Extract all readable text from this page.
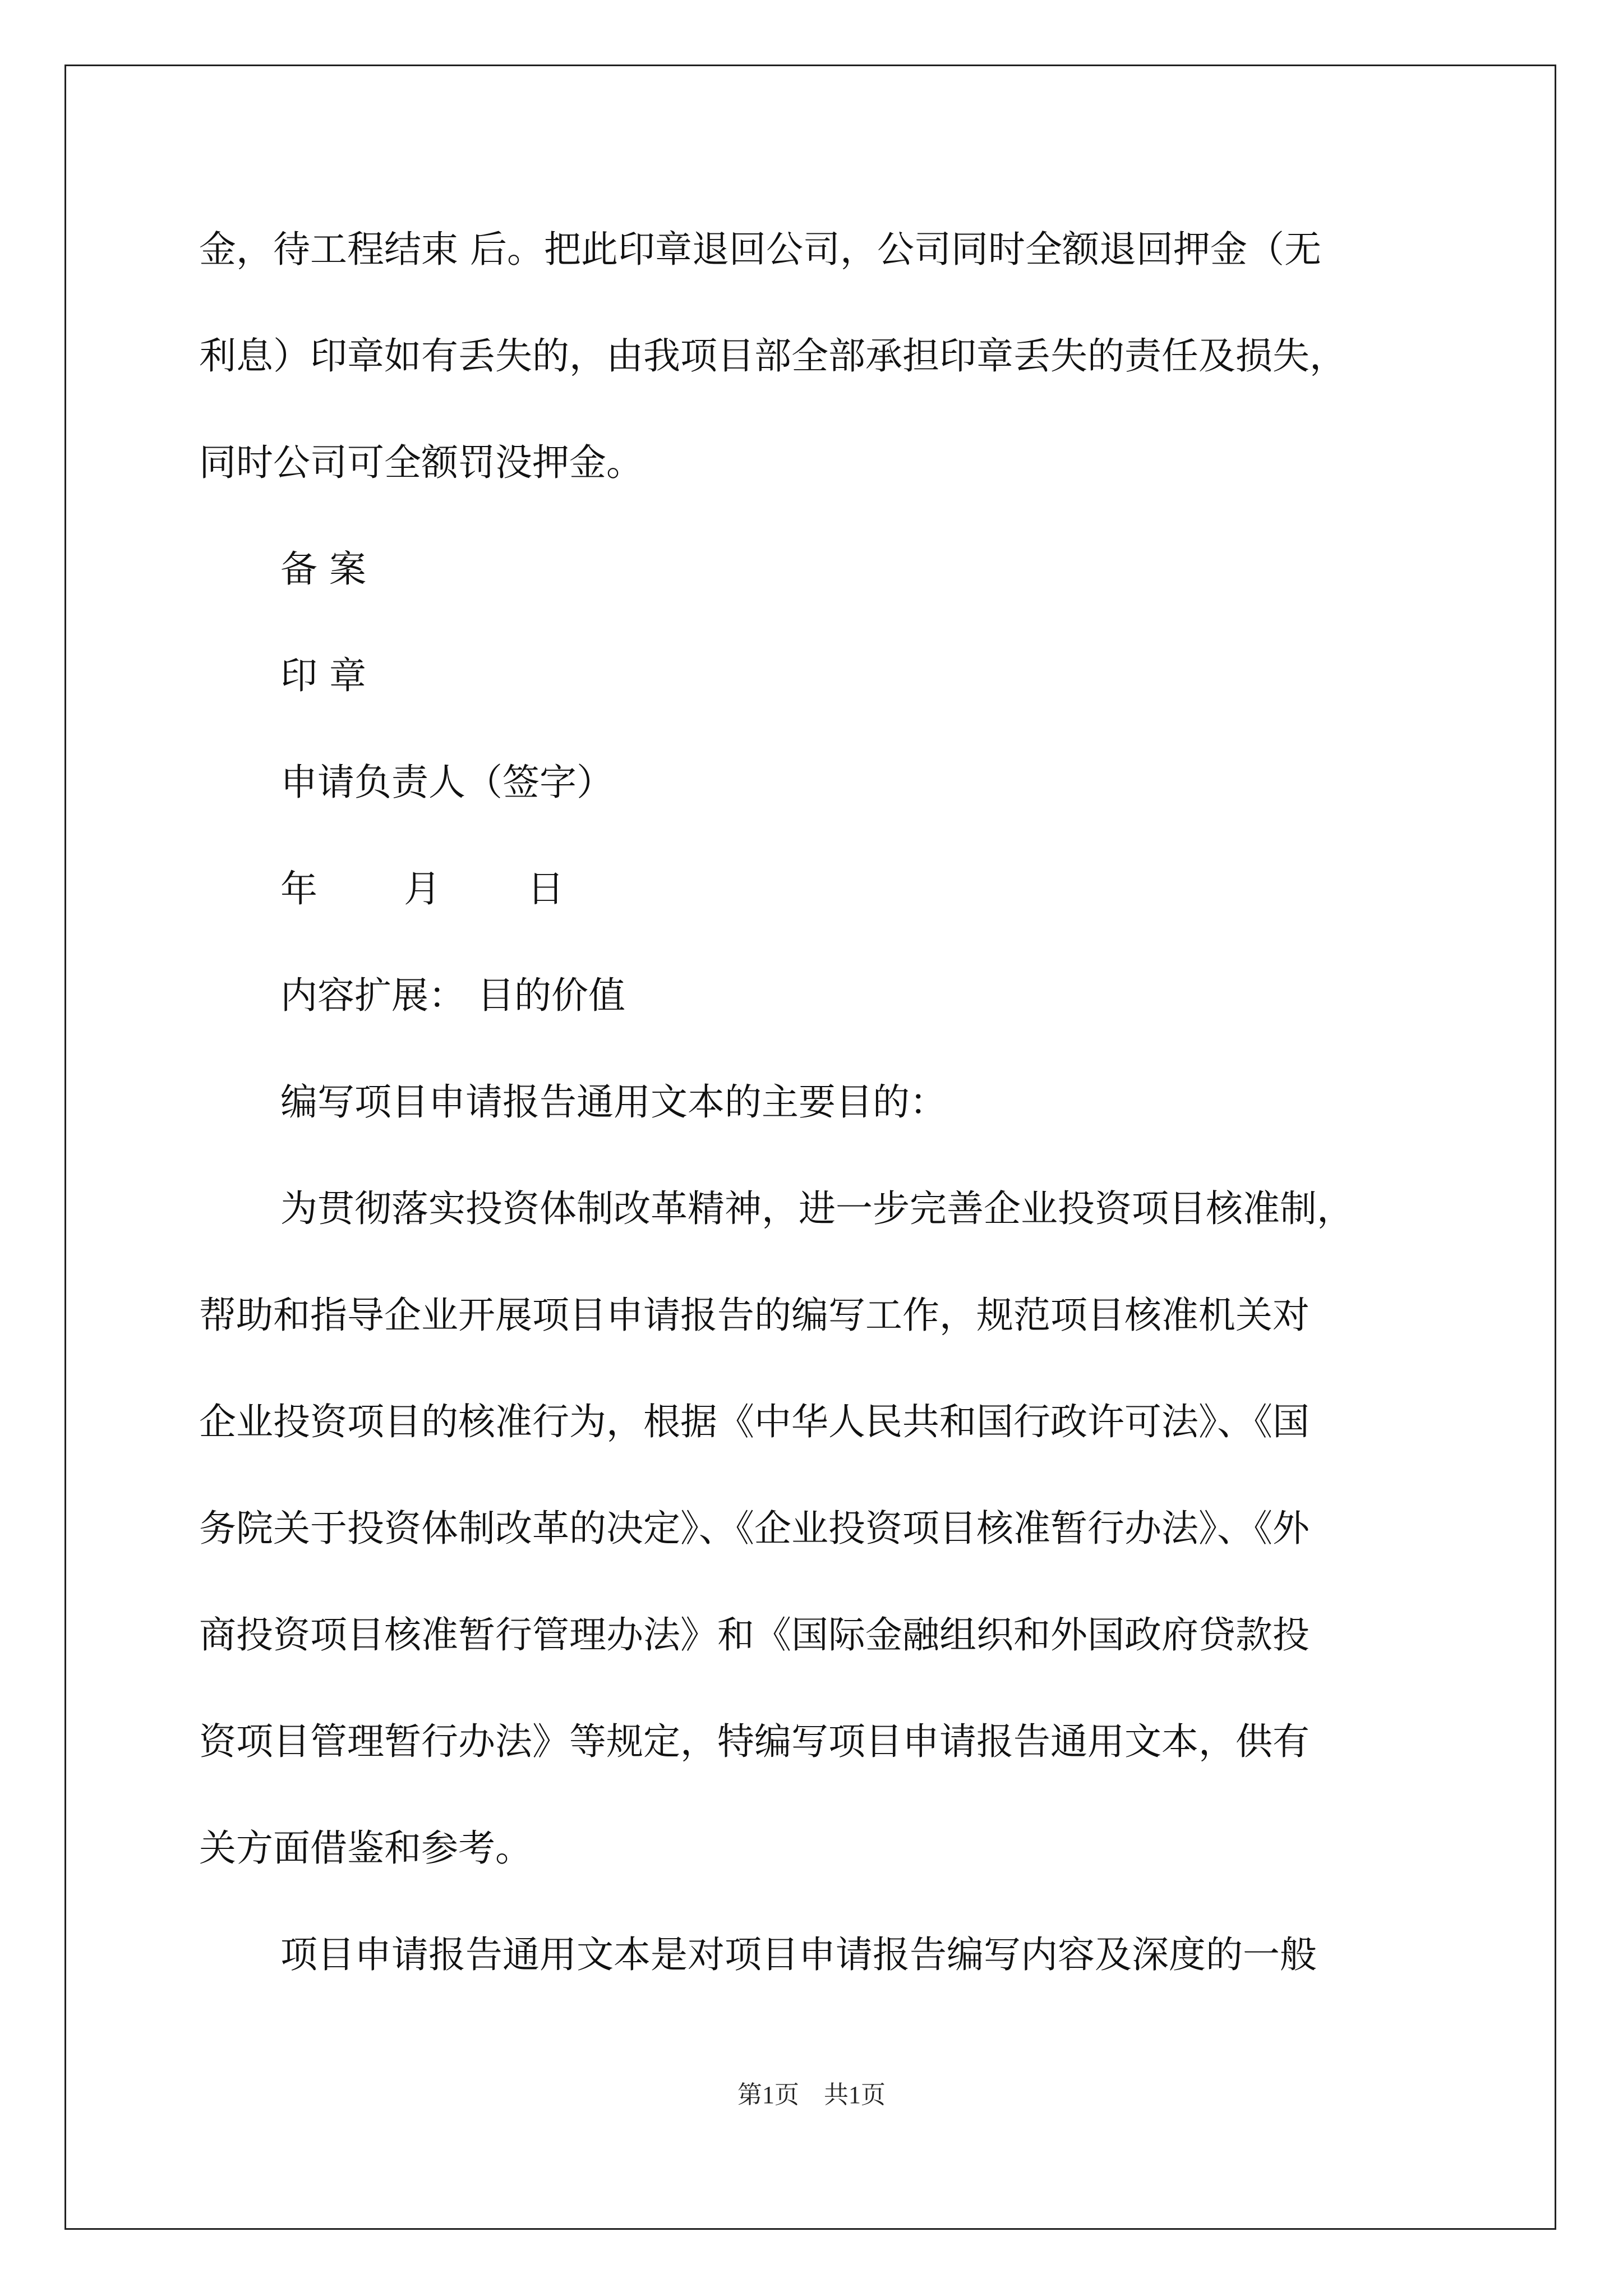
金，待工程结束 后。把此印章退回公司，公司同时全额退回押金（无
利息）印章如有丢失的，由我项目部全部承担印章丢失的责任及损失，
同时公司可全额罚没押金。
备 案
印 章
申请负责人（签字）
年 月 日
内容扩展： 目的价值
编写项目申请报告通用文本的主要目的：
为贯彻落实投资体制改革精神，进一步完善企业投资项目核准制，
帮助和指导企业开展项目申请报告的编写工作，规范项目核准机关对
企业投资项目的核准行为，根据《中华人民共和国行政许可法》、《国
务院关于投资体制改革的决定》、《企业投资项目核准暂行办法》、《外
商投资项目核准暂行管理办法》和《国际金融组织和外国政府贷款投
资项目管理暂行办法》等规定，特编写项目申请报告通用文本，供有
关方面借鉴和参考。
项目申请报告通用文本是对项目申请报告编写内容及深度的一般
第1页　共1页
